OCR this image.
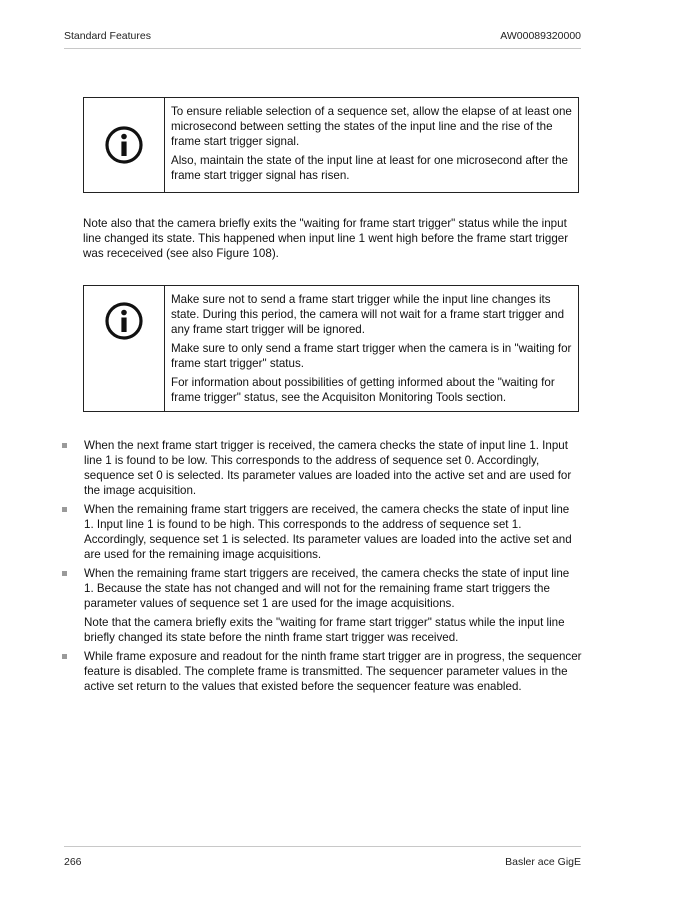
Standard Features	AW00089320000

To ensure reliable selection of a sequence set, allow the elapse of at least one microsecond between setting the states of the input line and the rise of the frame start trigger signal.

Also, maintain the state of the input line at least for one microsecond after the frame start trigger signal has risen.

Note also that the camera briefly exits the "waiting for frame start trigger" status while the input line changed its state. This happened when input line 1 went high before the frame start trigger was receceived (see also Figure 108).

Make sure not to send a frame start trigger while the input line changes its state. During this period, the camera will not wait for a frame start trigger and any frame start trigger will be ignored.

Make sure to only send a frame start trigger when the camera is in "waiting for frame start trigger" status.

For information about possibilities of getting informed about the "waiting for frame trigger" status, see the Acquisiton Monitoring Tools section.

When the next frame start trigger is received, the camera checks the state of input line 1. Input line 1 is found to be low. This corresponds to the address of sequence set 0. Accordingly, sequence set 0 is selected. Its parameter values are loaded into the active set and are used for the image acquisition.

When the remaining frame start triggers are received, the camera checks the state of input line 1. Input line 1 is found to be high. This corresponds to the address of sequence set 1. Accordingly, sequence set 1 is selected. Its parameter values are loaded into the active set and are used for the remaining image acquisitions.

When the remaining frame start triggers are received, the camera checks the state of input line 1. Because the state has not changed and will not for the remaining frame start triggers the parameter values of sequence set 1 are used for the image acquisitions.

Note that the camera briefly exits the "waiting for frame start trigger" status while the input line briefly changed its state before the ninth frame start trigger was received.

While frame exposure and readout for the ninth frame start trigger are in progress, the sequencer feature is disabled. The complete frame is transmitted. The sequencer parameter values in the active set return to the values that existed before the sequencer feature was enabled.

266	Basler ace GigE
